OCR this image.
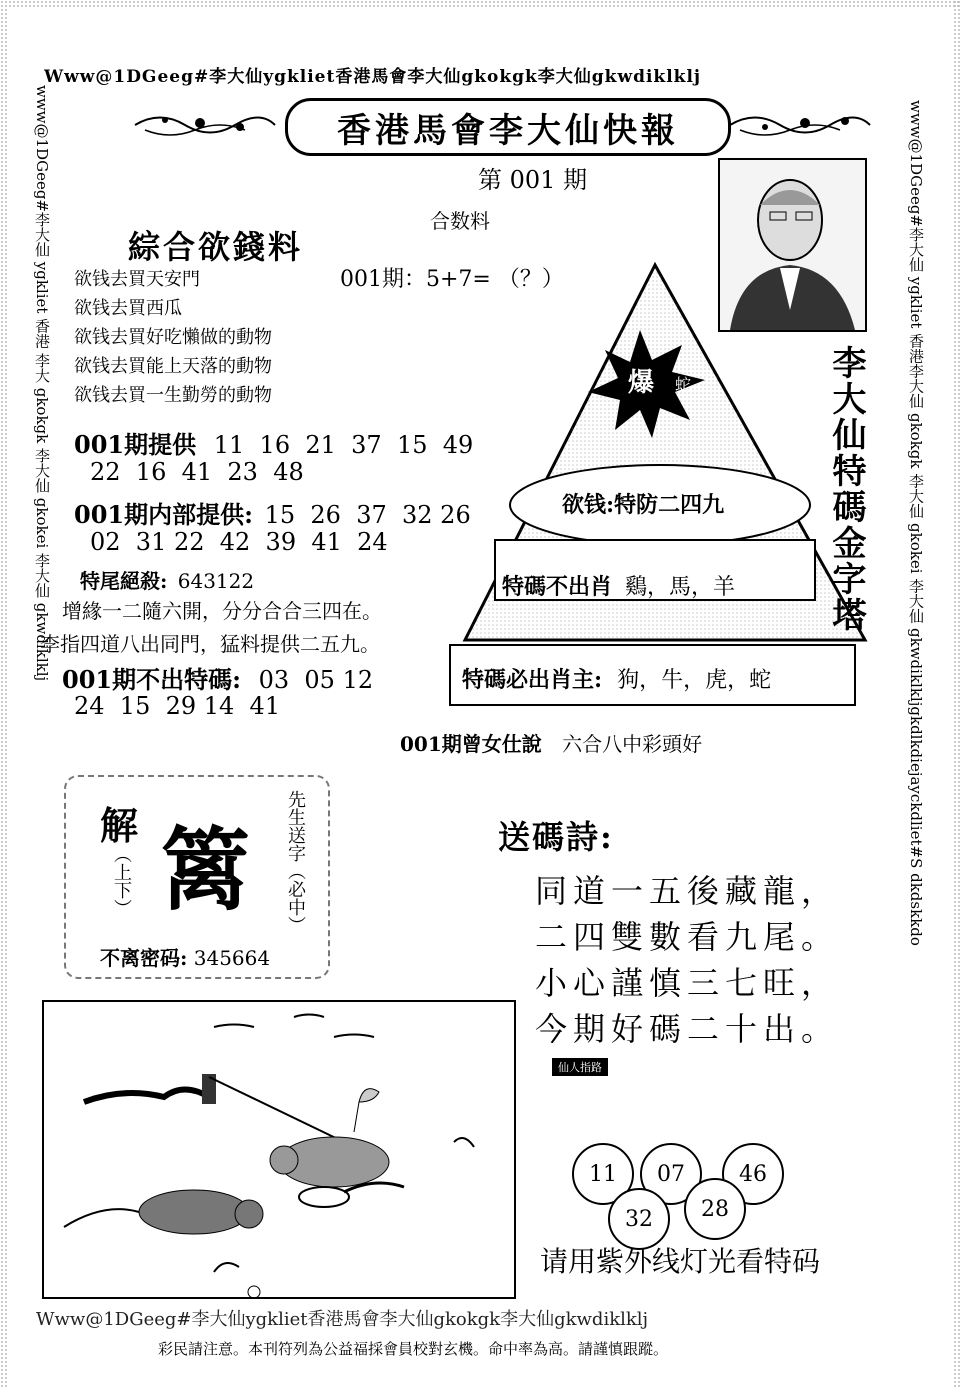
Www@1DGeeg#李大仙ygkliet香港馬會李大仙gkokgk李大仙gkwdiklklj
www@1DGeeg#李大仙 ygkliet 香港 李大 gkokgk 李大仙 gkokei 李大仙 gkwdiklklj	www@1DGeeg#李大仙 ygkliet 香港李大仙 gkokgk 李大仙 gkokei 李大仙 gkwdiklkljgkdlkdiejayckdliet#S dkdskkdo
香港馬會李大仙快報
第 001 期
合数料
綜合欲錢料
欲钱去買天安門
欲钱去買西瓜
欲钱去買好吃懶做的動物
欲钱去買能上天落的動物
欲钱去買一生勤勞的動物
001期：5+7= （？）
001期提供 11  16  21  37  15  49
22  16  41  23  48
001期内部提供: 15  26  37  32 26
02  31 22  42  39  41  24
特尾絕殺: 643122
增緣一二隨六開，分分合合三四在。
李指四道八出同門，猛料提供二五九。
001期不出特碼: 03  05 12
24  15  29 14  41
爆 蛇
欲钱:特防二四九
特碼不出肖 鷄，馬，羊
特碼必出肖主: 狗，牛，虎，蛇
李大仙特碼金字塔
001期曾女仕說 六合八中彩頭好
解
（上下） 篱 先生送字（必中）
不离密码: 345664
送碼詩:
同道一五後藏龍，
二四雙數看九尾。
小心謹慎三七旺，
今期好碼二十出。
仙人指路
11	07	46
32	28
请用紫外线灯光看特码
Www@1DGeeg#李大仙ygkliet香港馬會李大仙gkokgk李大仙gkwdiklklj
彩民請注意。本刊符列為公益福採會員校對玄機。命中率為高。請謹慎跟蹤。
